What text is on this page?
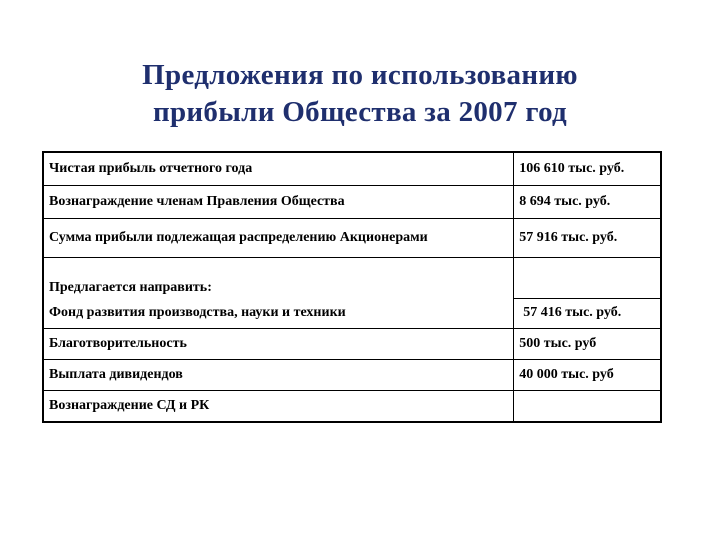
Предложения по использованию
прибыли Общества за 2007 год
Чистая прибыль отчетного года	106 610 тыс. руб.
Вознаграждение членам Правления Общества	8 694 тыс. руб.
Сумма прибыли подлежащая распределению Акционерами	57 916 тыс. руб.
Предлагается направить:	
Фонд развития производства, науки и техники	57 416 тыс. руб.
Благотворительность	500 тыс. руб
Выплата дивидендов	40 000 тыс. руб
Вознаграждение СД и РК	
